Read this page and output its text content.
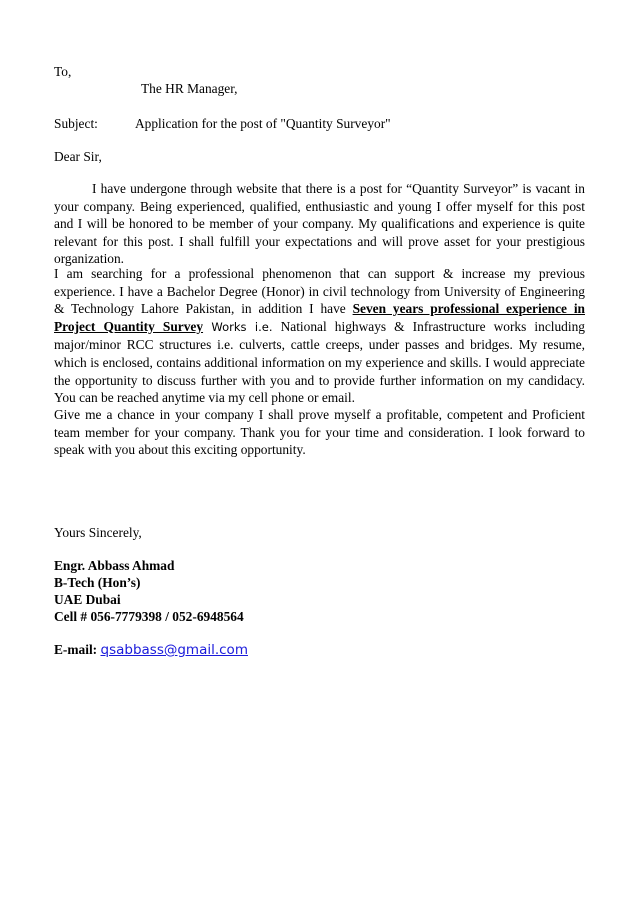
To,
The HR Manager,
Subject:	Application for the post of "Quantity Surveyor"
Dear Sir,
I have undergone through website that there is a post for “Quantity Surveyor” is vacant in your company. Being experienced, qualified, enthusiastic and young I offer myself for this post and I will be honored to be member of your company. My qualifications and experience is quite relevant for this post. I shall fulfill your expectations and will prove asset for your prestigious organization.
I am searching for a professional phenomenon that can support & increase my previous experience. I have a Bachelor Degree (Honor) in civil technology from University of Engineering & Technology Lahore Pakistan, in addition I have Seven years professional experience in Project Quantity Survey Works i.e. National highways & Infrastructure works including major/minor RCC structures i.e. culverts, cattle creeps, under passes and bridges. My resume, which is enclosed, contains additional information on my experience and skills. I would appreciate the opportunity to discuss further with you and to provide further information on my candidacy. You can be reached anytime via my cell phone or email.
Give me a chance in your company I shall prove myself a profitable, competent and Proficient team member for your company. Thank you for your time and consideration. I look forward to speak with you about this exciting opportunity.
Yours Sincerely,
Engr. Abbass Ahmad
B-Tech (Hon’s)
UAE Dubai
Cell # 056-7779398 / 052-6948564
E-mail: qsabbass@gmail.com
